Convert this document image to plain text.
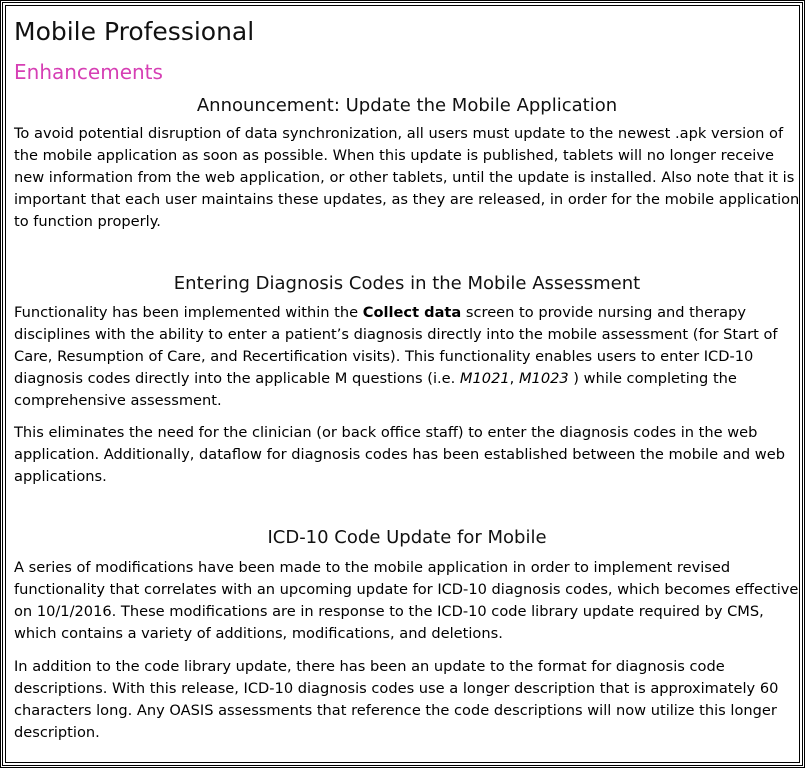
Mobile Professional
Enhancements
Announcement: Update the Mobile Application

To avoid potential disruption of data synchronization, all users must update to the newest .apk version of the mobile application as soon as possible. When this update is published, tablets will no longer receive new information from the web application, or other tablets, until the update is installed. Also note that it is important that each user maintains these updates, as they are released, in order for the mobile application to function properly.

Entering Diagnosis Codes in the Mobile Assessment

Functionality has been implemented within the Collect data screen to provide nursing and therapy disciplines with the ability to enter a patient’s diagnosis directly into the mobile assessment (for Start of Care, Resumption of Care, and Recertification visits). This functionality enables users to enter ICD-10 diagnosis codes directly into the applicable M questions (i.e. M1021, M1023 ) while completing the comprehensive assessment.

This eliminates the need for the clinician (or back office staff) to enter the diagnosis codes in the web application. Additionally, dataflow for diagnosis codes has been established between the mobile and web applications.

ICD-10 Code Update for Mobile

A series of modifications have been made to the mobile application in order to implement revised functionality that correlates with an upcoming update for ICD-10 diagnosis codes, which becomes effective on 10/1/2016. These modifications are in response to the ICD-10 code library update required by CMS, which contains a variety of additions, modifications, and deletions.

In addition to the code library update, there has been an update to the format for diagnosis code descriptions. With this release, ICD-10 diagnosis codes use a longer description that is approximately 60 characters long. Any OASIS assessments that reference the code descriptions will now utilize this longer description.
